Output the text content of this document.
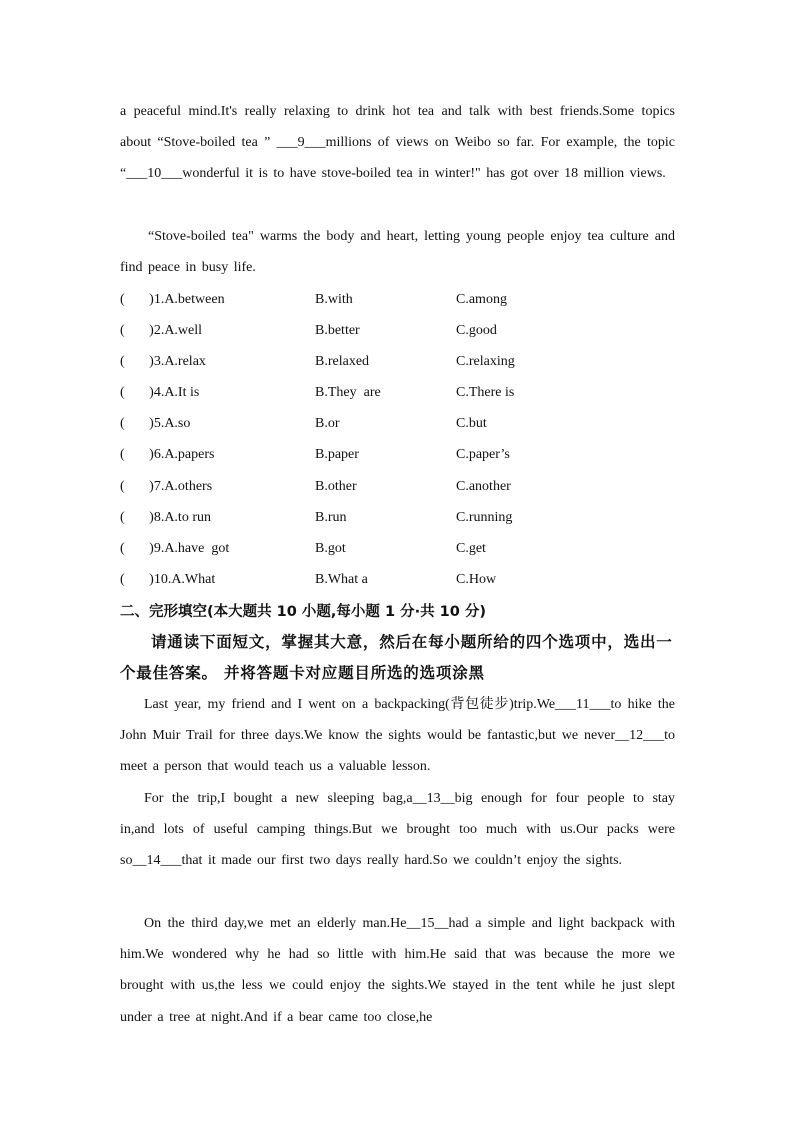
a peaceful mind.It's really relaxing to drink hot tea and talk with best friends.Some topics about “Stove-boiled tea ” ___9___millions of views on Weibo so far. For example, the topic “___10___wonderful it is to have stove-boiled tea in winter!" has got over 18 million views.
“Stove-boiled tea" warms the body and heart, letting young people enjoy tea culture and find peace in busy life.
(       )1.A.between	B.with	C.among
(       )2.A.well	B.better	C.good
(       )3.A.relax	B.relaxed	C.relaxing
(       )4.A.It is	B.They  are	C.There is
(       )5.A.so	B.or	C.but
(       )6.A.papers	B.paper	C.paper’s
(       )7.A.others	B.other	C.another
(       )8.A.to run	B.run	C.running
(       )9.A.have  got	B.got	C.get
(       )10.A.What	B.What a	C.How
二、完形填空(本大题共 10 小题,每小题 1 分·共 10 分)
请通读下面短文，掌握其大意，然后在每小题所给的四个选项中，选出一个最佳答案。 并将答题卡对应题目所选的选项涂黑
Last year, my friend and I went on a backpacking(背包徒步)trip.We___11___to hike the John Muir Trail for three days.We know the sights would be fantastic,but we never__12___to meet a person that would teach us a valuable lesson.
For the trip,I bought a new sleeping bag,a__13__big enough for four people to stay in,and lots of useful camping things.But we brought too much with us.Our packs were so__14___that it made our first two days really hard.So we couldn’t enjoy the sights.
On the third day,we met an elderly man.He__15__had a simple and light backpack with him.We wondered why he had so little with him.He said that was because the more we brought with us,the less we could enjoy the sights.We stayed in the tent while he just slept under a tree at night.And if a bear came too close,he
